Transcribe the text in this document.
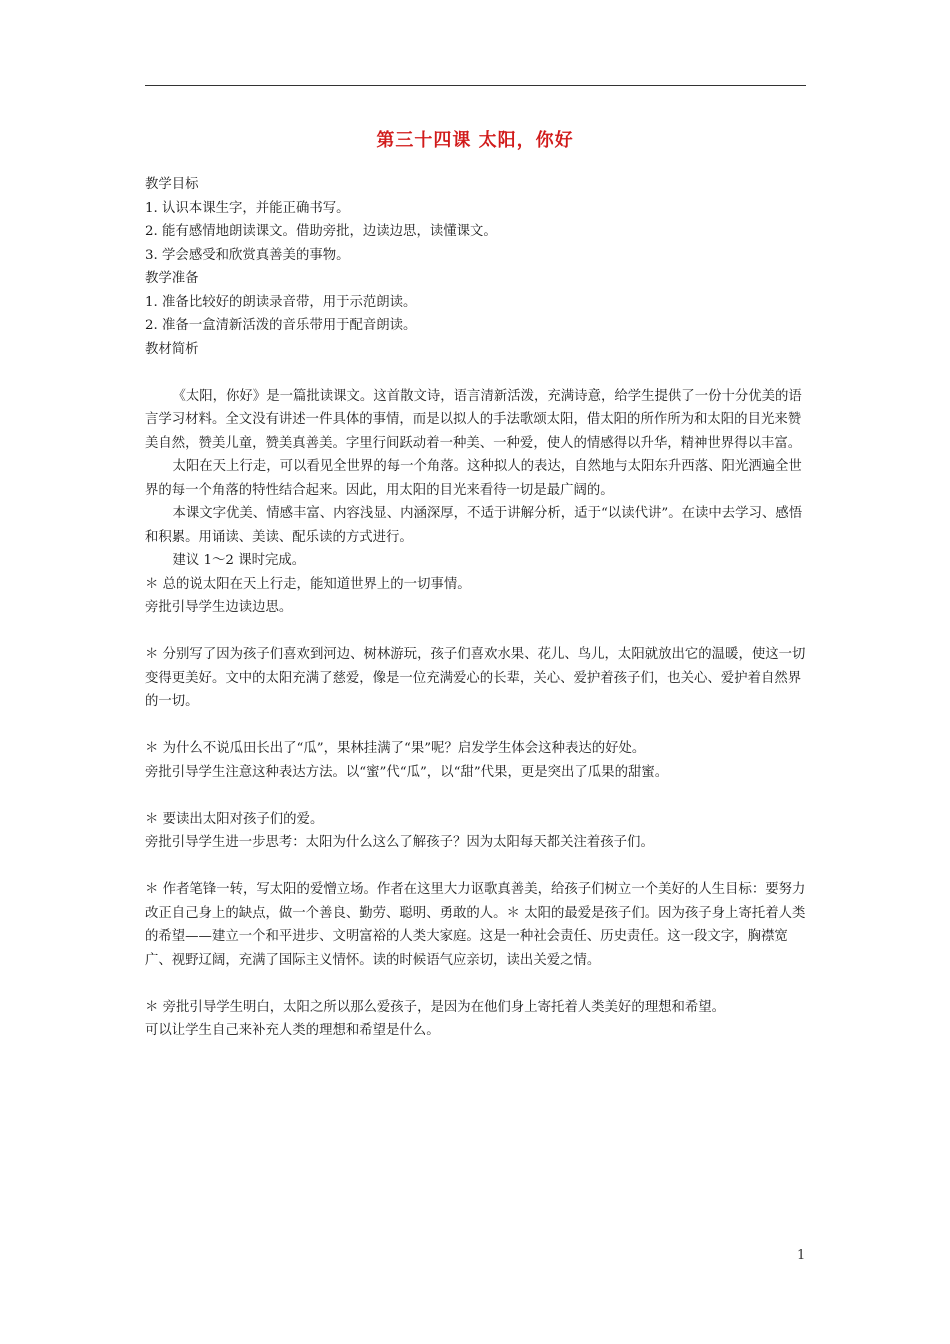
第三十四课 太阳，你好

教学目标

1. 认识本课生字，并能正确书写。

2. 能有感情地朗读课文。借助旁批，边读边思，读懂课文。

3. 学会感受和欣赏真善美的事物。

教学准备

1. 准备比较好的朗读录音带，用于示范朗读。

2. 准备一盒清新活泼的音乐带用于配音朗读。

教材简析

《太阳，你好》是一篇批读课文。这首散文诗，语言清新活泼，充满诗意，给学生提供了一份十分优美的语言学习材料。全文没有讲述一件具体的事情，而是以拟人的手法歌颂太阳，借太阳的所作所为和太阳的目光来赞美自然，赞美儿童，赞美真善美。字里行间跃动着一种美、一种爱，使人的情感得以升华，精神世界得以丰富。

太阳在天上行走，可以看见全世界的每一个角落。这种拟人的表达，自然地与太阳东升西落、阳光洒遍全世界的每一个角落的特性结合起来。因此，用太阳的目光来看待一切是最广阔的。

本课文字优美、情感丰富、内容浅显、内涵深厚，不适于讲解分析，适于“以读代讲”。在读中去学习、感悟和积累。用诵读、美读、配乐读的方式进行。

建议 1～2 课时完成。

＊ 总的说太阳在天上行走，能知道世界上的一切事情。

旁批引导学生边读边思。

＊ 分别写了因为孩子们喜欢到河边、树林游玩，孩子们喜欢水果、花儿、鸟儿，太阳就放出它的温暖，使这一切变得更美好。文中的太阳充满了慈爱，像是一位充满爱心的长辈，关心、爱护着孩子们，也关心、爱护着自然界的一切。

＊ 为什么不说瓜田长出了“瓜”，果林挂满了“果”呢？启发学生体会这种表达的好处。

旁批引导学生注意这种表达方法。以“蜜”代“瓜”，以“甜”代果，更是突出了瓜果的甜蜜。

＊ 要读出太阳对孩子们的爱。

旁批引导学生进一步思考：太阳为什么这么了解孩子？因为太阳每天都关注着孩子们。

＊ 作者笔锋一转，写太阳的爱憎立场。作者在这里大力讴歌真善美，给孩子们树立一个美好的人生目标：要努力改正自己身上的缺点，做一个善良、勤劳、聪明、勇敢的人。＊ 太阳的最爱是孩子们。因为孩子身上寄托着人类的希望——建立一个和平进步、文明富裕的人类大家庭。这是一种社会责任、历史责任。这一段文字，胸襟宽广、视野辽阔，充满了国际主义情怀。读的时候语气应亲切，读出关爱之情。

＊ 旁批引导学生明白，太阳之所以那么爱孩子，是因为在他们身上寄托着人类美好的理想和希望。

可以让学生自己来补充人类的理想和希望是什么。

1
